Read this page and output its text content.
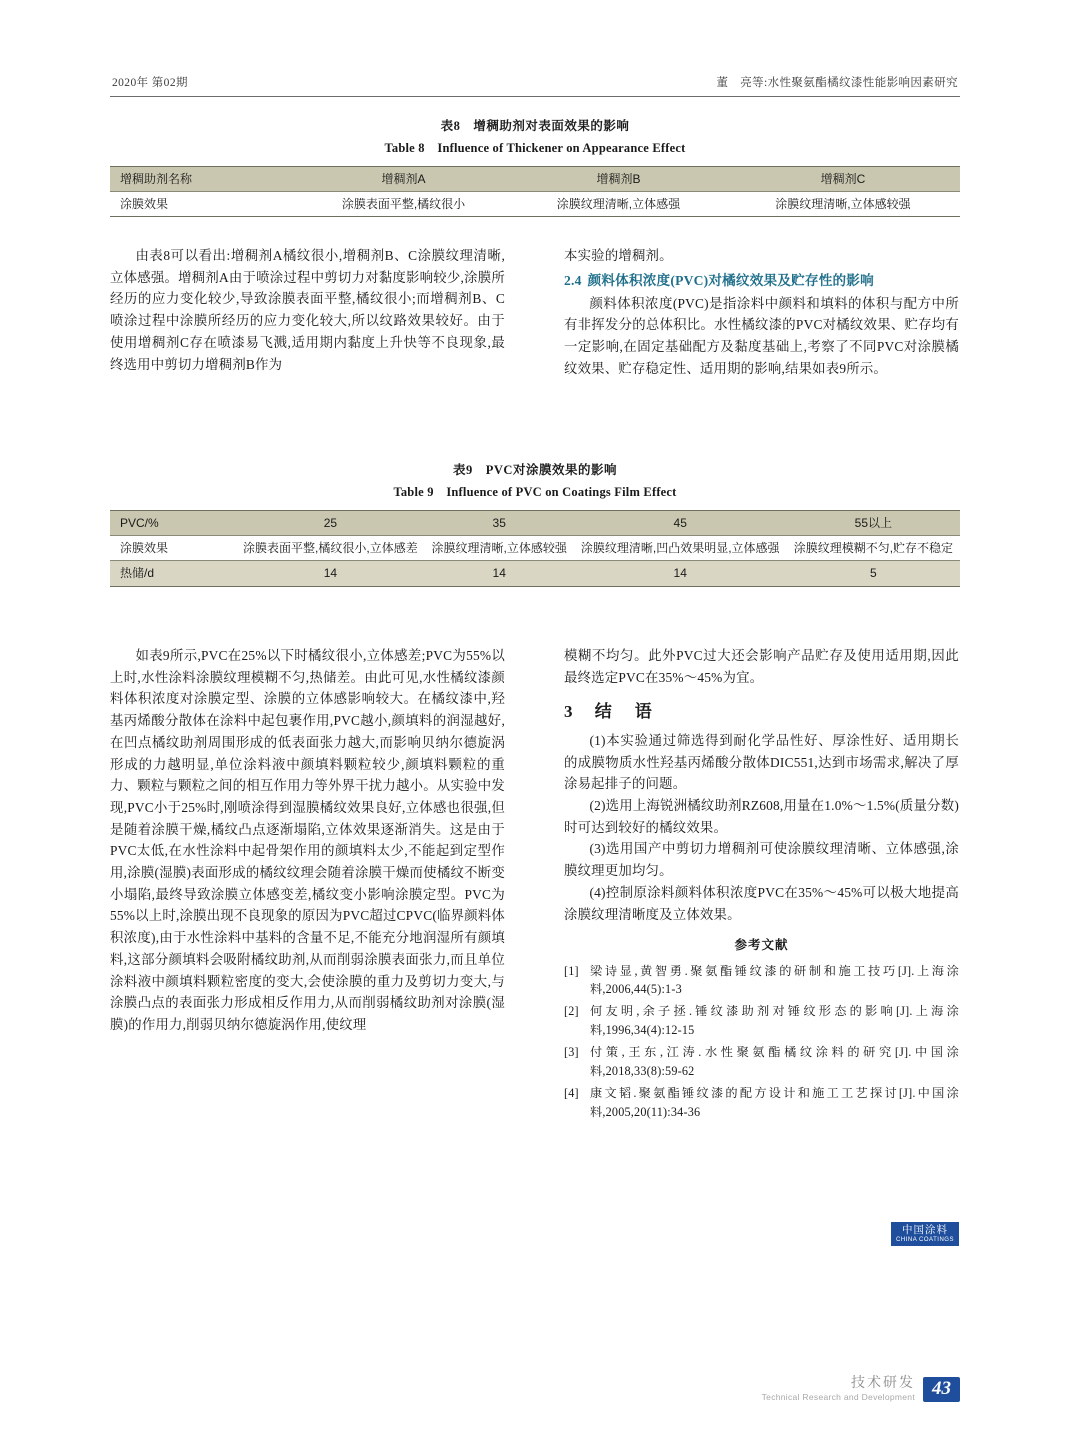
2020年 第02期	董　亮等:水性聚氨酯橘纹漆性能影响因素研究
表8　增稠助剂对表面效果的影响
Table 8　Influence of Thickener on Appearance Effect
增稠助剂名称	增稠剂A	增稠剂B	增稠剂C
涂膜效果	涂膜表面平整,橘纹很小	涂膜纹理清晰,立体感强	涂膜纹理清晰,立体感较强

由表8可以看出:增稠剂A橘纹很小,增稠剂B、C涂膜纹理清晰,立体感强。增稠剂A由于喷涂过程中剪切力对黏度影响较少,涂膜所经历的应力变化较少,导致涂膜表面平整,橘纹很小;而增稠剂B、C喷涂过程中涂膜所经历的应力变化较大,所以纹路效果较好。由于使用增稠剂C存在喷漆易飞溅,适用期内黏度上升快等不良现象,最终选用中剪切力增稠剂B作为

本实验的增稠剂。

2.4 颜料体积浓度(PVC)对橘纹效果及贮存性的影响

颜料体积浓度(PVC)是指涂料中颜料和填料的体积与配方中所有非挥发分的总体积比。水性橘纹漆的PVC对橘纹效果、贮存均有一定影响,在固定基础配方及黏度基础上,考察了不同PVC对涂膜橘纹效果、贮存稳定性、适用期的影响,结果如表9所示。

表9　PVC对涂膜效果的影响
Table 9　Influence of PVC on Coatings Film Effect
PVC/%	25	35	45	55以上
涂膜效果	涂膜表面平整,橘纹很小,立体感差	涂膜纹理清晰,立体感较强	涂膜纹理清晰,凹凸效果明显,立体感强	涂膜纹理模糊不匀,贮存不稳定
热储/d	14	14	14	5

如表9所示,PVC在25%以下时橘纹很小,立体感差;PVC为55%以上时,水性涂料涂膜纹理模糊不匀,热储差。由此可见,水性橘纹漆颜料体积浓度对涂膜定型、涂膜的立体感影响较大。在橘纹漆中,羟基丙烯酸分散体在涂料中起包裹作用,PVC越小,颜填料的润湿越好,在凹点橘纹助剂周围形成的低表面张力越大,而影响贝纳尔德旋涡形成的力越明显,单位涂料液中颜填料颗粒较少,颜填料颗粒的重力、颗粒与颗粒之间的相互作用力等外界干扰力越小。从实验中发现,PVC小于25%时,刚喷涂得到湿膜橘纹效果良好,立体感也很强,但是随着涂膜干燥,橘纹凸点逐渐塌陷,立体效果逐渐消失。这是由于PVC太低,在水性涂料中起骨架作用的颜填料太少,不能起到定型作用,涂膜(湿膜)表面形成的橘纹纹理会随着涂膜干燥而使橘纹不断变小塌陷,最终导致涂膜立体感变差,橘纹变小影响涂膜定型。PVC为55%以上时,涂膜出现不良现象的原因为PVC超过CPVC(临界颜料体积浓度),由于水性涂料中基料的含量不足,不能充分地润湿所有颜填料,这部分颜填料会吸附橘纹助剂,从而削弱涂膜表面张力,而且单位涂料液中颜填料颗粒密度的变大,会使涂膜的重力及剪切力变大,与涂膜凸点的表面张力形成相反作用力,从而削弱橘纹助剂对涂膜(湿膜)的作用力,削弱贝纳尔德旋涡作用,使纹理

模糊不均匀。此外PVC过大还会影响产品贮存及使用适用期,因此最终选定PVC在35%～45%为宜。

3 结　语

(1)本实验通过筛选得到耐化学品性好、厚涂性好、适用期长的成膜物质水性羟基丙烯酸分散体DIC551,达到市场需求,解决了厚涂易起排子的问题。

(2)选用上海锐洲橘纹助剂RZ608,用量在1.0%～1.5%(质量分数)时可达到较好的橘纹效果。

(3)选用国产中剪切力增稠剂可使涂膜纹理清晰、立体感强,涂膜纹理更加均匀。

(4)控制原涂料颜料体积浓度PVC在35%～45%可以极大地提高涂膜纹理清晰度及立体效果。

参考文献
[1] 梁诗显,黄智勇.聚氨酯锤纹漆的研制和施工技巧[J].上海涂料,2006,44(5):1-3
[2] 何友明,余子拯.锤纹漆助剂对锤纹形态的影响[J].上海涂料,1996,34(4):12-15
[3] 付策,王东,江涛.水性聚氨酯橘纹涂料的研究[J].中国涂料,2018,33(8):59-62
[4] 康文韬.聚氨酯锤纹漆的配方设计和施工工艺探讨[J].中国涂料,2005,20(11):34-36
中国涂料
CHINA COATINGS
技术研发
Technical Research and Development 43
